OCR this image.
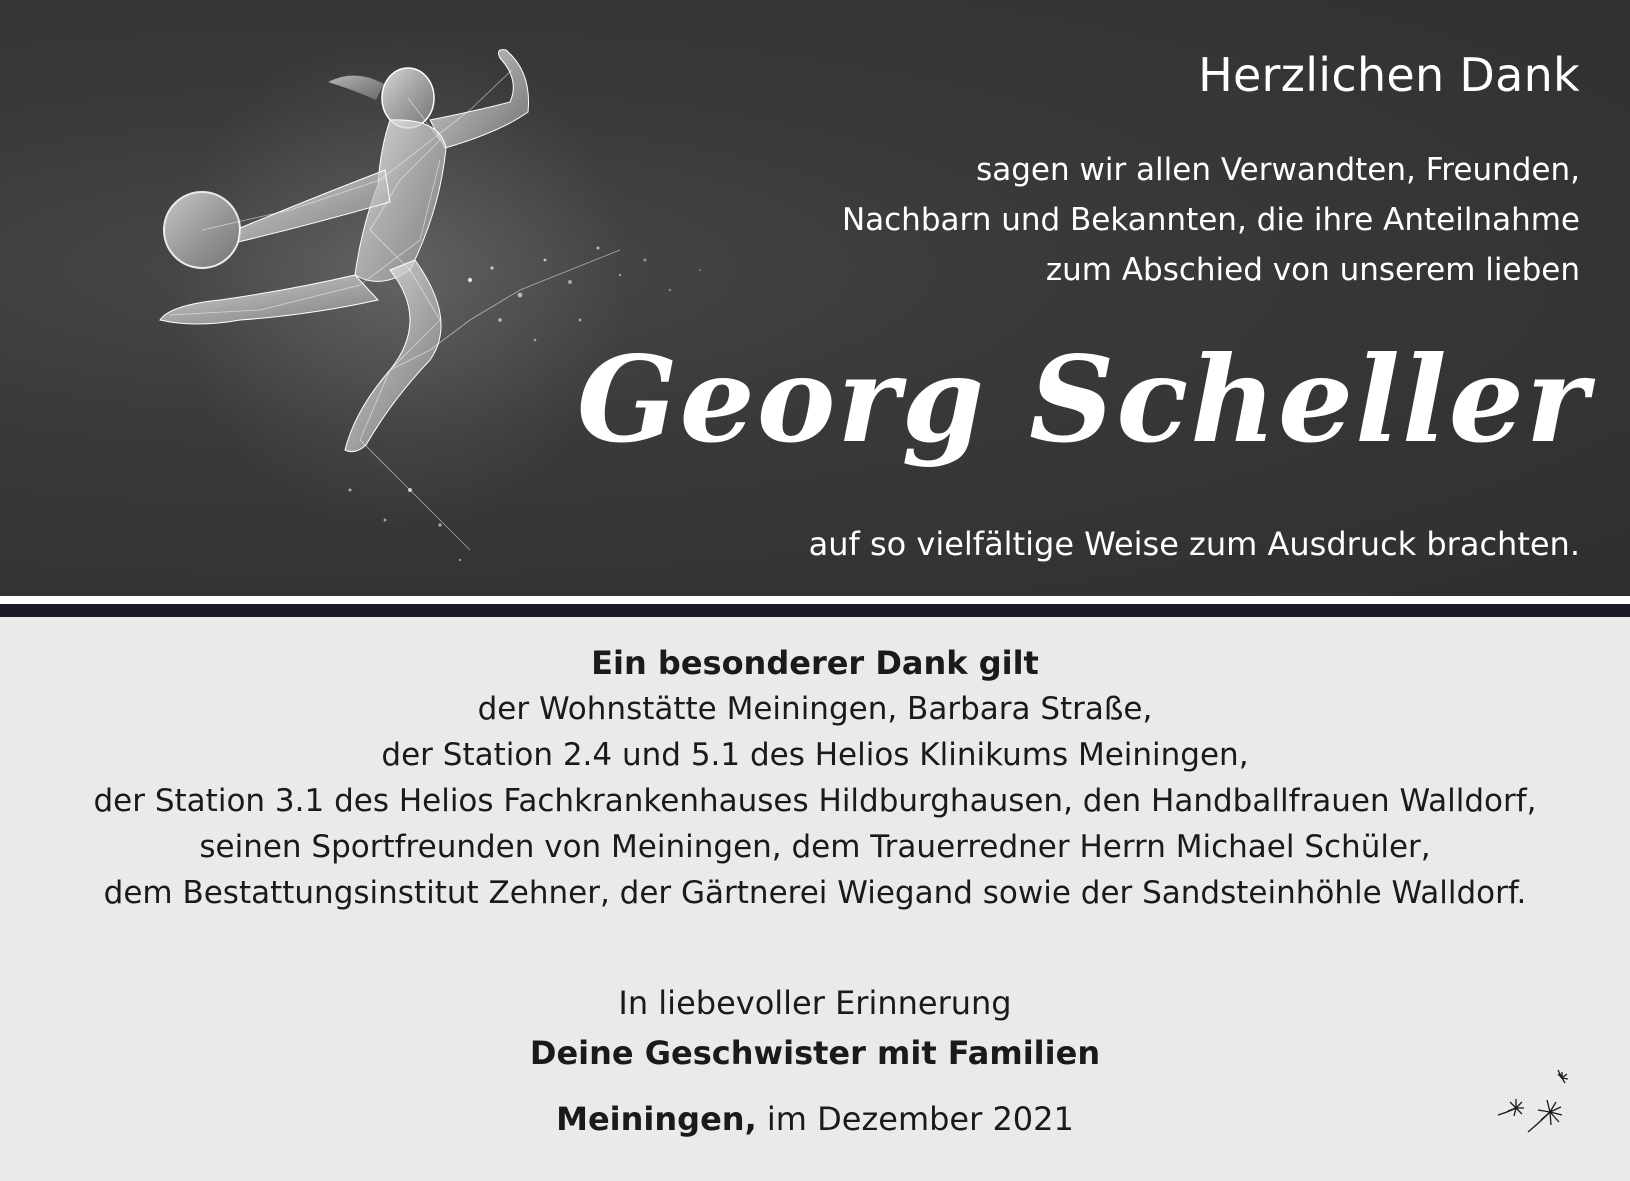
Herzlichen Dank
sagen wir allen Verwandten, Freunden,
Nachbarn und Bekannten, die ihre Anteilnahme
zum Abschied von unserem lieben
Georg Scheller
auf so vielfältige Weise zum Ausdruck brachten.

Ein besonderer Dank gilt

der Wohnstätte Meiningen, Barbara Straße,

der Station 2.4 und 5.1 des Helios Klinikums Meiningen,

der Station 3.1 des Helios Fachkrankenhauses Hildburghausen, den Handballfrauen Walldorf,

seinen Sportfreunden von Meiningen, dem Trauerredner Herrn Michael Schüler,

dem Bestattungsinstitut Zehner, der Gärtnerei Wiegand sowie der Sandsteinhöhle Walldorf.

In liebevoller Erinnerung

Deine Geschwister mit Familien

Meiningen, im Dezember 2021
